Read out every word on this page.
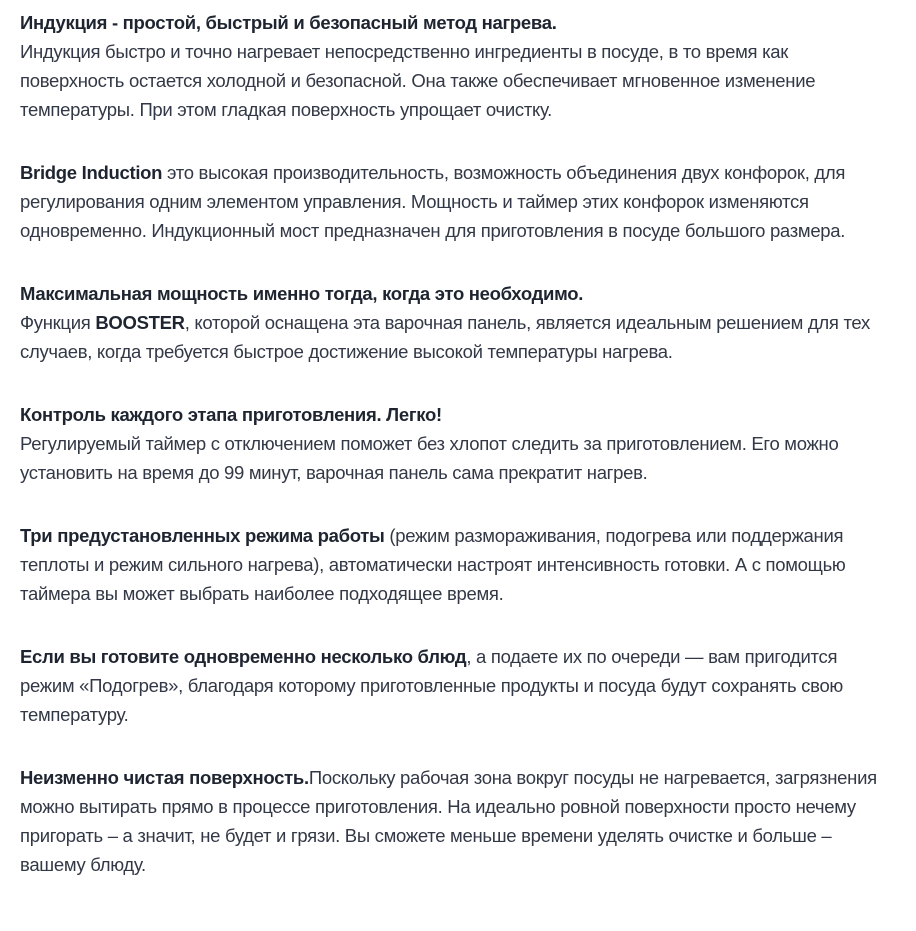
Индукция - простой, быстрый и безопасный метод нагрева.
Индукция быстро и точно нагревает непосредственно ингредиенты в посуде, в то время как поверхность остается холодной и безопасной. Она также обеспечивает мгновенное изменение температуры. При этом гладкая поверхность упрощает очистку.

Bridge Induction это высокая производительность, возможность объединения двух конфорок, для регулирования одним элементом управления. Мощность и таймер этих конфорок изменяются одновременно. Индукционный мост предназначен для приготовления в посуде большого размера.

Максимальная мощность именно тогда, когда это необходимо.
Функция BOOSTER, которой оснащена эта варочная панель, является идеальным решением для тех случаев, когда требуется быстрое достижение высокой температуры нагрева.

Контроль каждого этапа приготовления. Легко!
Регулируемый таймер с отключением поможет без хлопот следить за приготовлением. Его можно установить на время до 99 минут, варочная панель сама прекратит нагрев.

Три предустановленных режима работы (режим размораживания, подогрева или поддержания теплоты и режим сильного нагрева), автоматически настроят интенсивность готовки. А с помощью таймера вы может выбрать наиболее подходящее время.

Если вы готовите одновременно несколько блюд, а подаете их по очереди — вам пригодится режим «Подогрев», благодаря которому приготовленные продукты и посуда будут сохранять свою температуру.

Неизменно чистая поверхность.Поскольку рабочая зона вокруг посуды не нагревается, загрязнения можно вытирать прямо в процессе приготовления. На идеально ровной поверхности просто нечему пригорать – а значит, не будет и грязи. Вы сможете меньше времени уделять очистке и больше – вашему блюду.
